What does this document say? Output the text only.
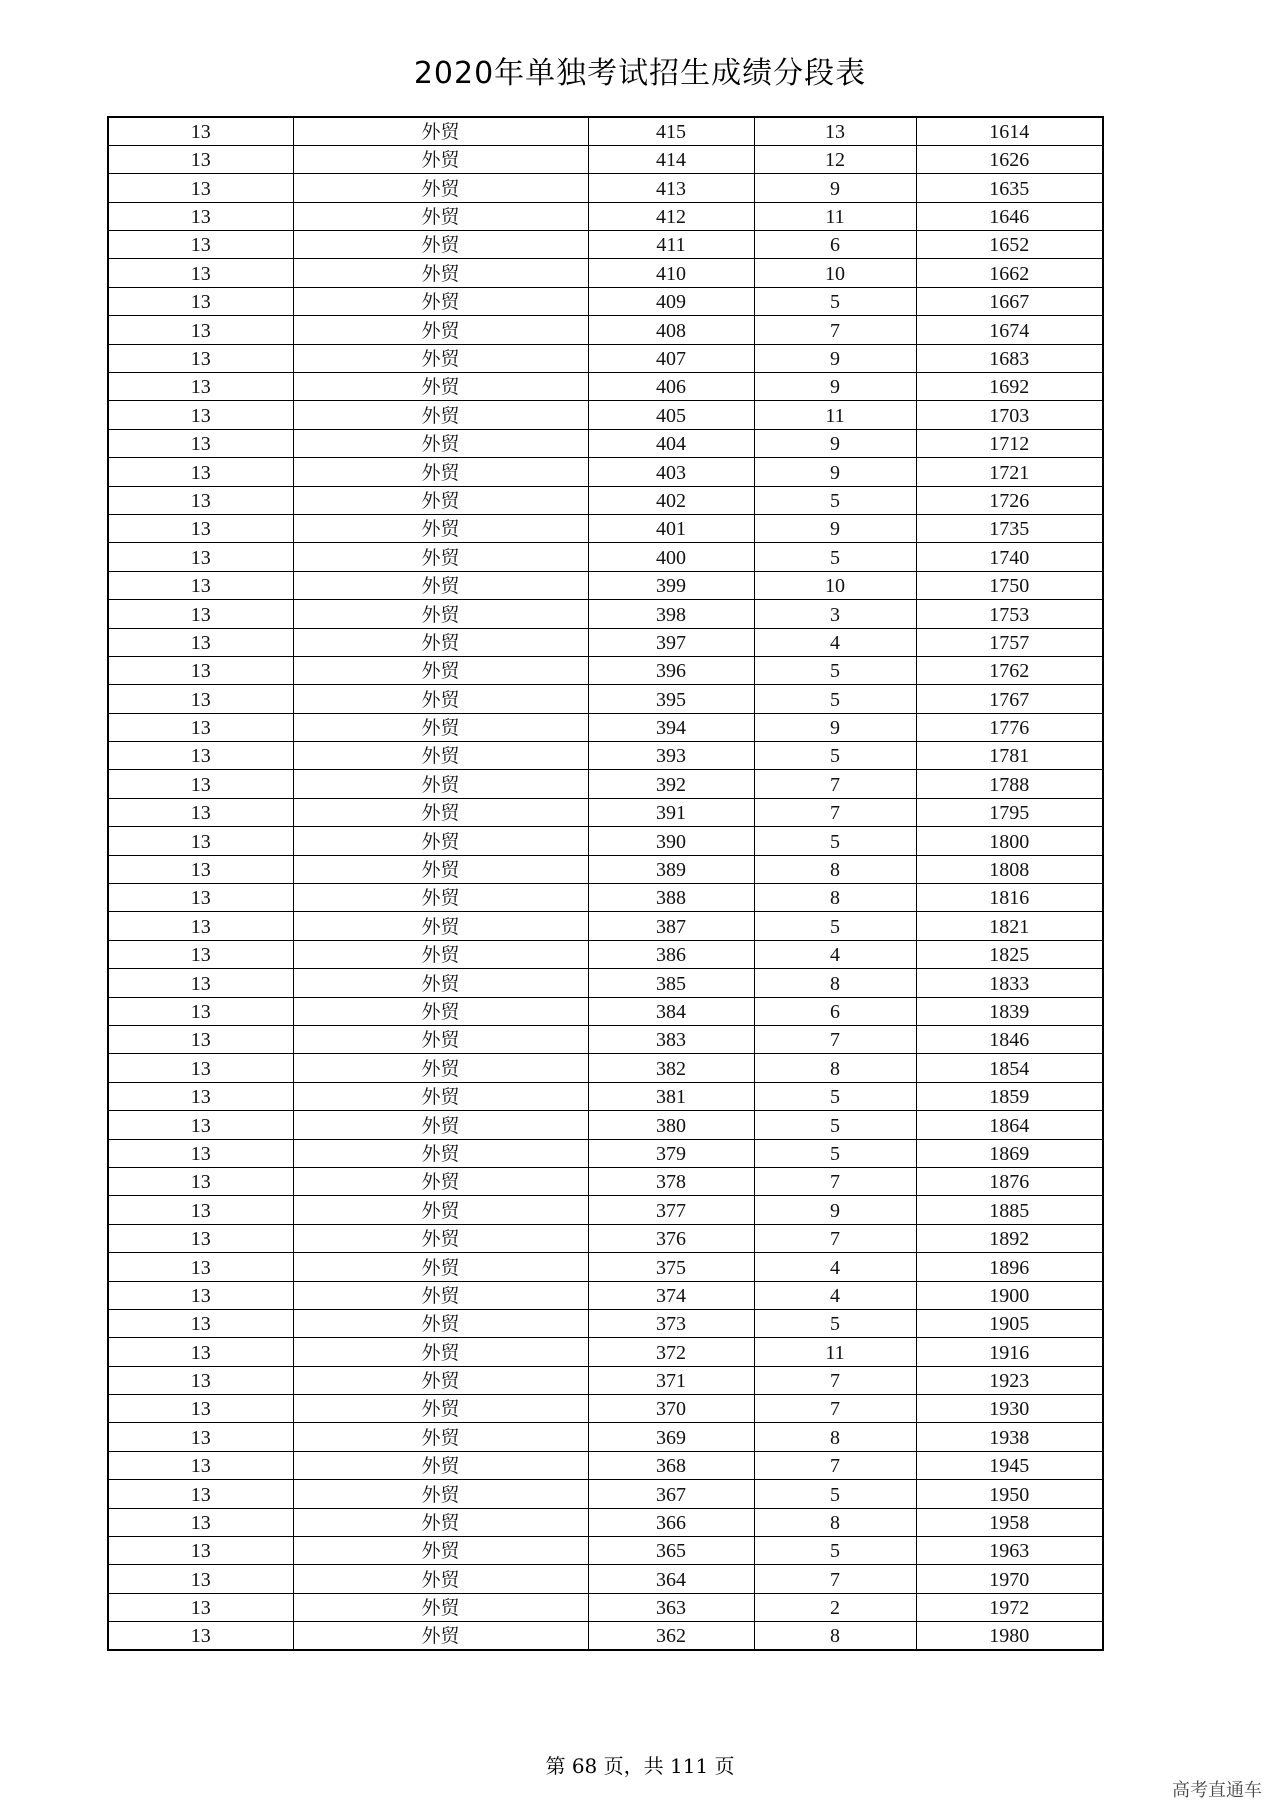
2020年单独考试招生成绩分段表
13	外贸	415	13	1614
13	外贸	414	12	1626
13	外贸	413	9	1635
13	外贸	412	11	1646
13	外贸	411	6	1652
13	外贸	410	10	1662
13	外贸	409	5	1667
13	外贸	408	7	1674
13	外贸	407	9	1683
13	外贸	406	9	1692
13	外贸	405	11	1703
13	外贸	404	9	1712
13	外贸	403	9	1721
13	外贸	402	5	1726
13	外贸	401	9	1735
13	外贸	400	5	1740
13	外贸	399	10	1750
13	外贸	398	3	1753
13	外贸	397	4	1757
13	外贸	396	5	1762
13	外贸	395	5	1767
13	外贸	394	9	1776
13	外贸	393	5	1781
13	外贸	392	7	1788
13	外贸	391	7	1795
13	外贸	390	5	1800
13	外贸	389	8	1808
13	外贸	388	8	1816
13	外贸	387	5	1821
13	外贸	386	4	1825
13	外贸	385	8	1833
13	外贸	384	6	1839
13	外贸	383	7	1846
13	外贸	382	8	1854
13	外贸	381	5	1859
13	外贸	380	5	1864
13	外贸	379	5	1869
13	外贸	378	7	1876
13	外贸	377	9	1885
13	外贸	376	7	1892
13	外贸	375	4	1896
13	外贸	374	4	1900
13	外贸	373	5	1905
13	外贸	372	11	1916
13	外贸	371	7	1923
13	外贸	370	7	1930
13	外贸	369	8	1938
13	外贸	368	7	1945
13	外贸	367	5	1950
13	外贸	366	8	1958
13	外贸	365	5	1963
13	外贸	364	7	1970
13	外贸	363	2	1972
13	外贸	362	8	1980
第 68 页，共 111 页
高考直通车
